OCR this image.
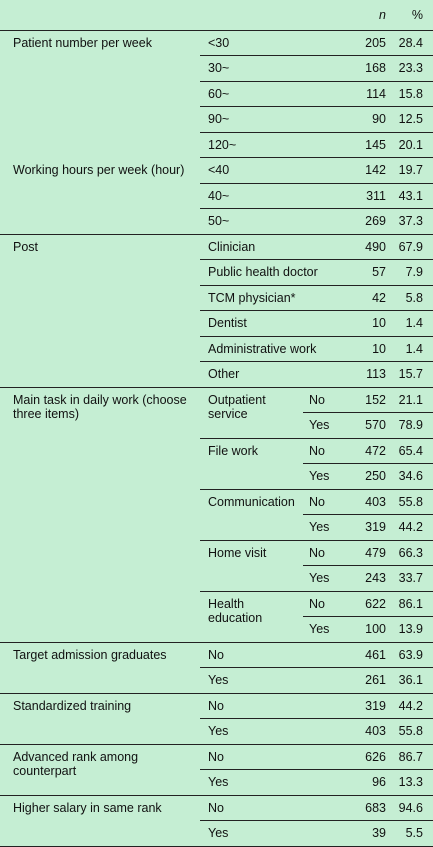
			n	%
Patient number per week	<30		205	28.4
	30~		168	23.3
	60~		114	15.8
	90~		90	12.5
	120~		145	20.1
Working hours per week (hour)	<40		142	19.7
	40~		311	43.1
	50~		269	37.3
Post	Clinician		490	67.9
	Public health doctor		57	7.9
	TCM physician*		42	5.8
	Dentist		10	1.4
	Administrative work		10	1.4
	Other		113	15.7
Main task in daily work (choose three items)	Outpatient service	No	152	21.1
		Yes	570	78.9
	File work	No	472	65.4
		Yes	250	34.6
	Communication	No	403	55.8
		Yes	319	44.2
	Home visit	No	479	66.3
		Yes	243	33.7
	Health education	No	622	86.1
		Yes	100	13.9
Target admission graduates	No		461	63.9
	Yes		261	36.1
Standardized training	No		319	44.2
	Yes		403	55.8
Advanced rank among counterpart	No		626	86.7
	Yes		96	13.3
Higher salary in same rank	No		683	94.6
	Yes		39	5.5
